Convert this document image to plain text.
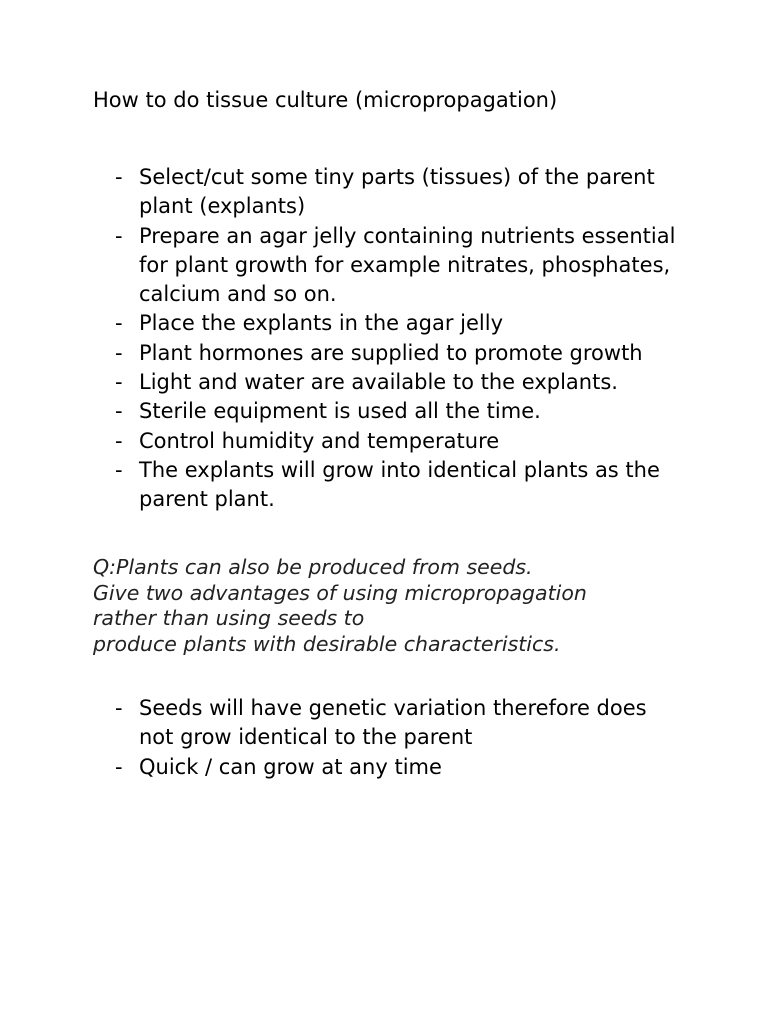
How to do tissue culture (micropropagation)
- Select/cut some tiny parts (tissues) of the parent plant (explants)
- Prepare an agar jelly containing nutrients essential for plant growth for example nitrates, phosphates, calcium and so on.
- Place the explants in the agar jelly
- Plant hormones are supplied to promote growth
- Light and water are available to the explants.
- Sterile equipment is used all the time.
- Control humidity and temperature
- The explants will grow into identical plants as the parent plant.
Q:Plants can also be produced from seeds.
Give two advantages of using micropropagation
rather than using seeds to
produce plants with desirable characteristics.
- Seeds will have genetic variation therefore does not grow identical to the parent
- Quick / can grow at any time
